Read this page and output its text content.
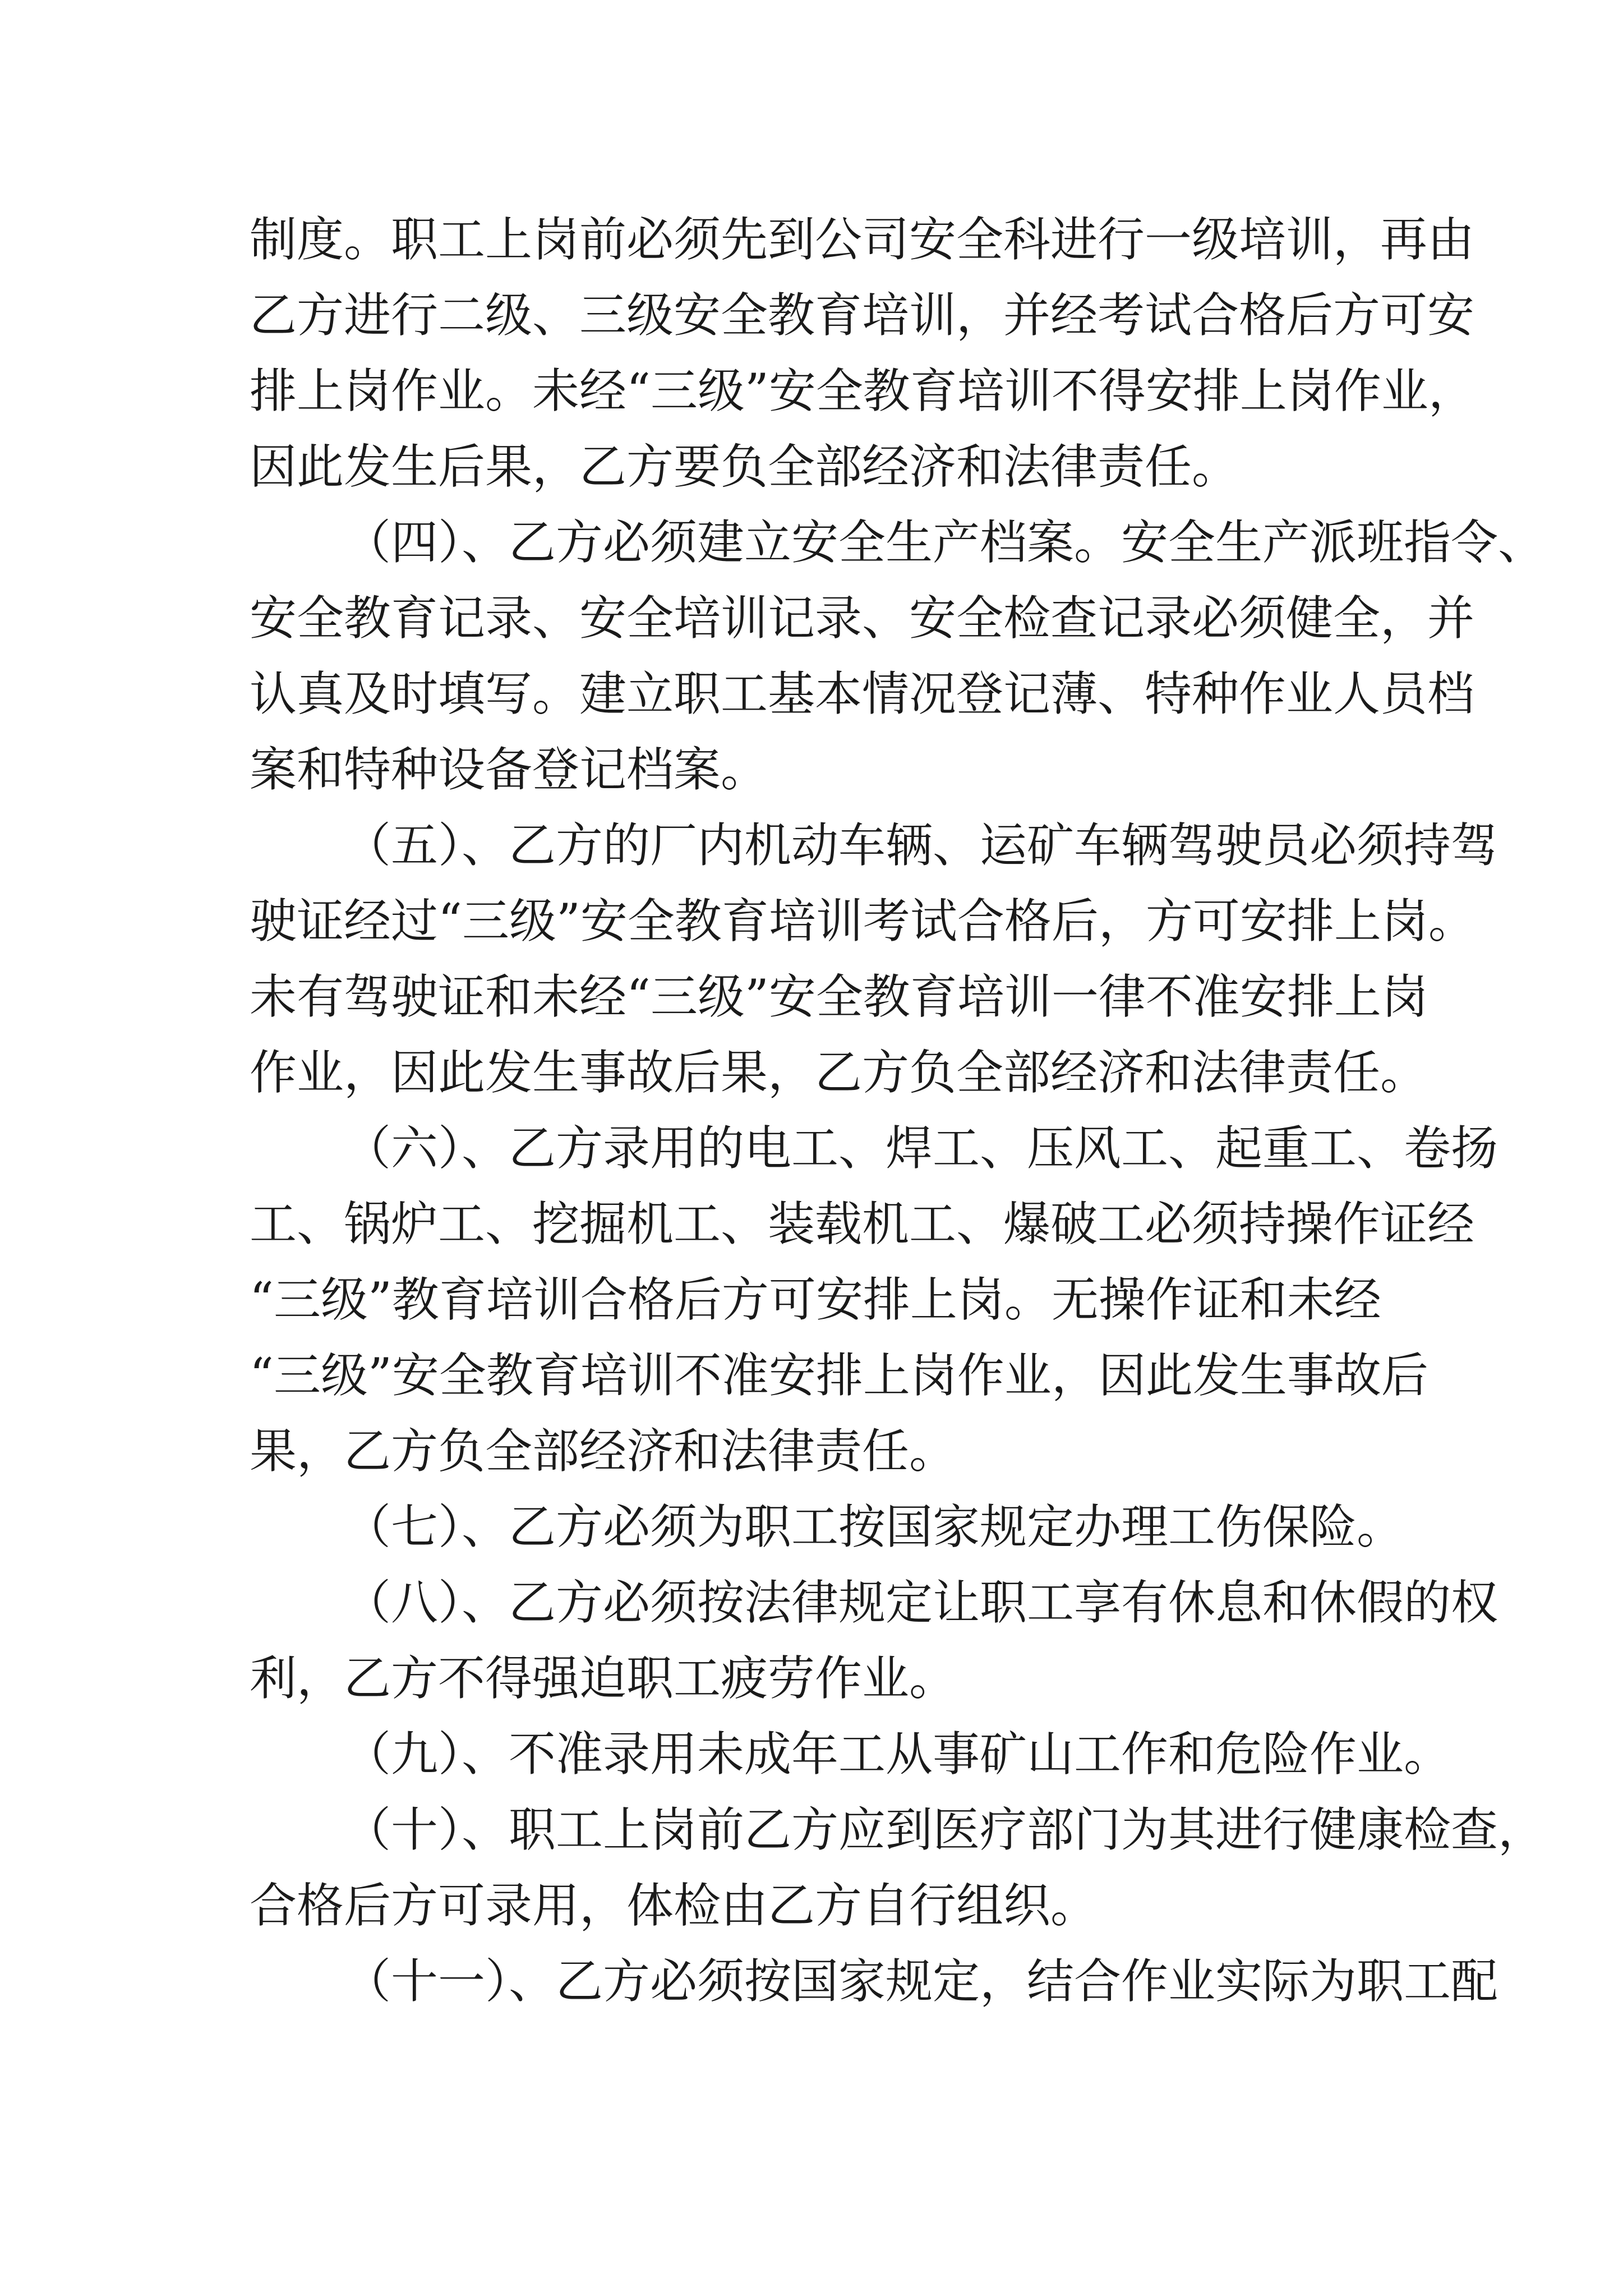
制度。职工上岗前必须先到公司安全科进行一级培训，再由
乙方进行二级、三级安全教育培训，并经考试合格后方可安
排上岗作业。未经“三级”安全教育培训不得安排上岗作业，
因此发生后果，乙方要负全部经济和法律责任。
（四）、乙方必须建立安全生产档案。安全生产派班指令、
安全教育记录、安全培训记录、安全检查记录必须健全，并
认真及时填写。建立职工基本情况登记薄、特种作业人员档
案和特种设备登记档案。
（五）、乙方的厂内机动车辆、运矿车辆驾驶员必须持驾
驶证经过“三级”安全教育培训考试合格后，方可安排上岗。
未有驾驶证和未经“三级”安全教育培训一律不准安排上岗
作业，因此发生事故后果，乙方负全部经济和法律责任。
（六）、乙方录用的电工、焊工、压风工、起重工、卷扬
工、锅炉工、挖掘机工、装载机工、爆破工必须持操作证经
“三级”教育培训合格后方可安排上岗。无操作证和未经
“三级”安全教育培训不准安排上岗作业，因此发生事故后
果，乙方负全部经济和法律责任。
（七）、乙方必须为职工按国家规定办理工伤保险。
（八）、乙方必须按法律规定让职工享有休息和休假的权
利，乙方不得强迫职工疲劳作业。
（九）、不准录用未成年工从事矿山工作和危险作业。
（十）、职工上岗前乙方应到医疗部门为其进行健康检查，
合格后方可录用，体检由乙方自行组织。
（十一）、乙方必须按国家规定，结合作业实际为职工配
